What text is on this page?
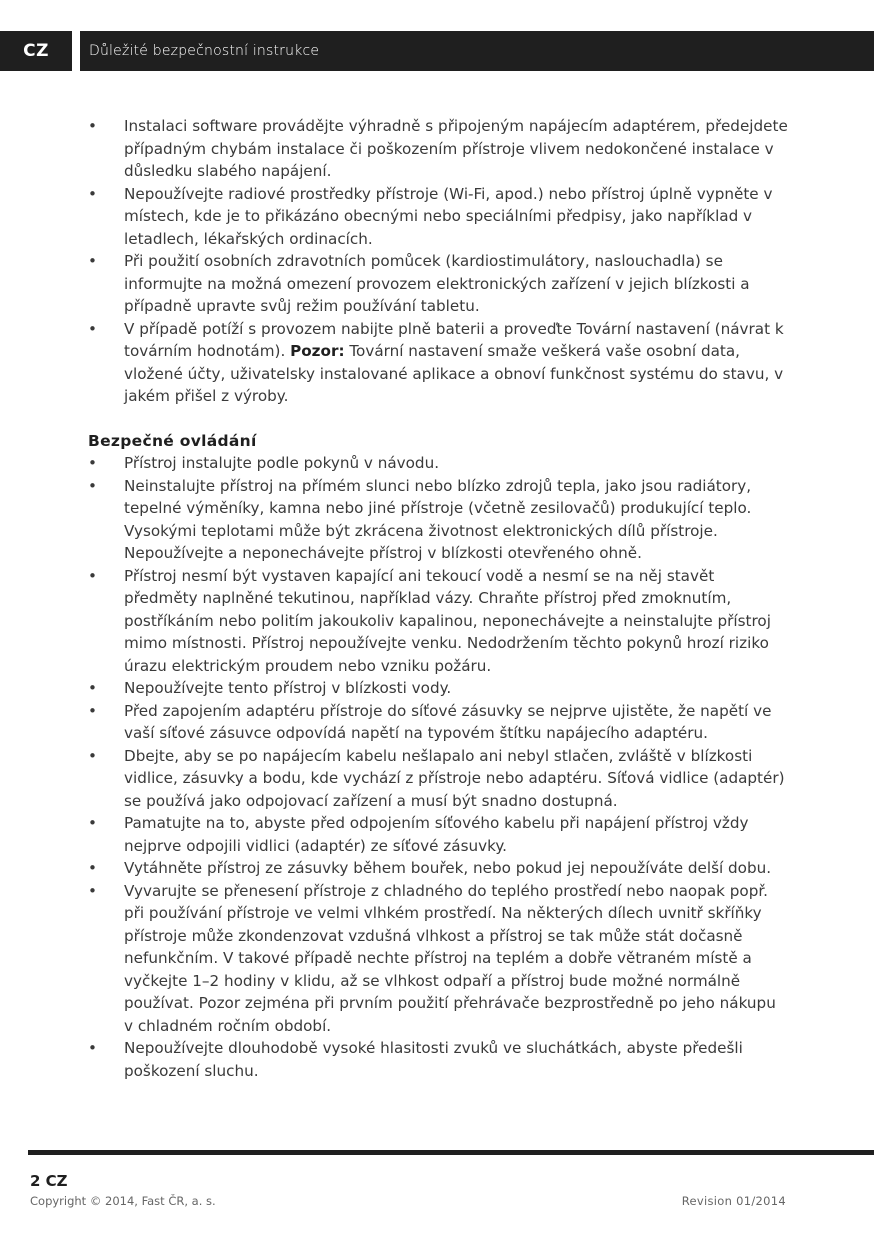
CZ	Důležité bezpečnostní instrukce
• Instalaci software provádějte výhradně s připojeným napájecím adaptérem, předejdete případným chybám instalace či poškozením přístroje vlivem nedokončené instalace v důsledku slabého napájení.
• Nepoužívejte radiové prostředky přístroje (Wi-Fi, apod.) nebo přístroj úplně vypněte v místech, kde je to přikázáno obecnými nebo speciálními předpisy, jako například v letadlech, lékařských ordinacích.
• Při použití osobních zdravotních pomůcek (kardiostimulátory, naslouchadla) se informujte na možná omezení provozem elektronických zařízení v jejich blízkosti a případně upravte svůj režim používání tabletu.
• V případě potíží s provozem nabijte plně baterii a proveďte Tovární nastavení (návrat k továrním hodnotám). Pozor: Tovární nastavení smaže veškerá vaše osobní data, vložené účty, uživatelsky instalované aplikace a obnoví funkčnost systému do stavu, v jakém přišel z výroby.
Bezpečné ovládání
• Přístroj instalujte podle pokynů v návodu.
• Neinstalujte přístroj na přímém slunci nebo blízko zdrojů tepla, jako jsou radiátory, tepelné výměníky, kamna nebo jiné přístroje (včetně zesilovačů) produkující teplo. Vysokými teplotami může být zkrácena životnost elektronických dílů přístroje. Nepoužívejte a neponechávejte přístroj v blízkosti otevřeného ohně.
• Přístroj nesmí být vystaven kapající ani tekoucí vodě a nesmí se na něj stavět předměty naplněné tekutinou, například vázy. Chraňte přístroj před zmoknutím, postříkáním nebo politím jakoukoliv kapalinou, neponechávejte a neinstalujte přístroj mimo místnosti. Přístroj nepoužívejte venku. Nedodržením těchto pokynů hrozí riziko úrazu elektrickým proudem nebo vzniku požáru.
• Nepoužívejte tento přístroj v blízkosti vody.
• Před zapojením adaptéru přístroje do síťové zásuvky se nejprve ujistěte, že napětí ve vaší síťové zásuvce odpovídá napětí na typovém štítku napájecího adaptéru.
• Dbejte, aby se po napájecím kabelu nešlapalo ani nebyl stlačen, zvláště v blízkosti vidlice, zásuvky a bodu, kde vychází z přístroje nebo adaptéru. Síťová vidlice (adaptér) se používá jako odpojovací zařízení a musí být snadno dostupná.
• Pamatujte na to, abyste před odpojením síťového kabelu při napájení přístroj vždy nejprve odpojili vidlici (adaptér) ze síťové zásuvky.
• Vytáhněte přístroj ze zásuvky během bouřek, nebo pokud jej nepoužíváte delší dobu.
• Vyvarujte se přenesení přístroje z chladného do teplého prostředí nebo naopak popř. při používání přístroje ve velmi vlhkém prostředí. Na některých dílech uvnitř skříňky přístroje může zkondenzovat vzdušná vlhkost a přístroj se tak může stát dočasně nefunkčním. V takové případě nechte přístroj na teplém a dobře větraném místě a vyčkejte 1–2 hodiny v klidu, až se vlhkost odpaří a přístroj bude možné normálně používat. Pozor zejména při prvním použití přehrávače bezprostředně po jeho nákupu v chladném ročním období.
• Nepoužívejte dlouhodobě vysoké hlasitosti zvuků ve sluchátkách, abyste předešli poškození sluchu.
2 CZ
Copyright © 2014, Fast ČR, a. s.	Revision 01/2014
